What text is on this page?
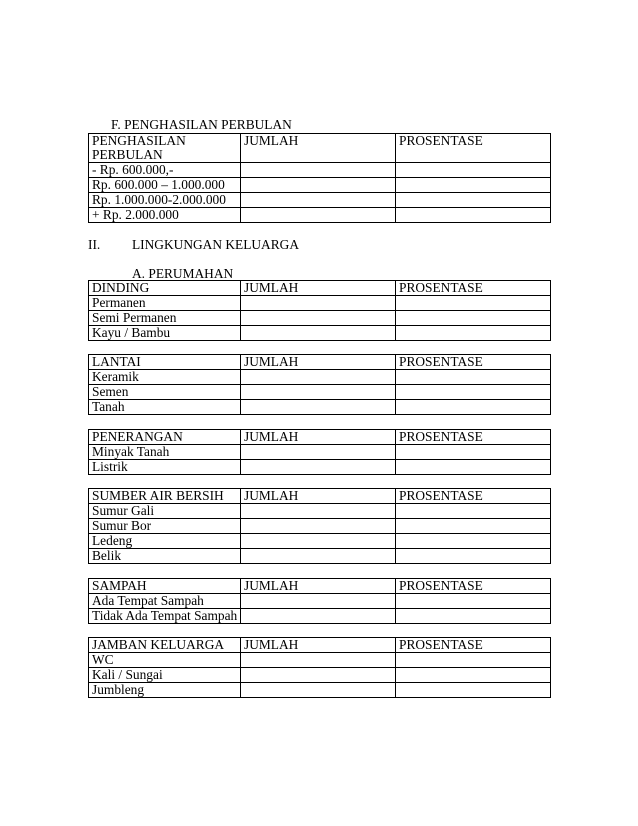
F. PENGHASILAN PERBULAN
PENGHASILAN PERBULAN	JUMLAH	PROSENTASE
- Rp. 600.000,-		
Rp. 600.000 – 1.000.000		
Rp. 1.000.000-2.000.000		
+ Rp. 2.000.000		
II. LINGKUNGAN KELUARGA
A. PERUMAHAN
DINDING	JUMLAH	PROSENTASE
Permanen		
Semi Permanen		
Kayu / Bambu		
LANTAI	JUMLAH	PROSENTASE
Keramik		
Semen		
Tanah		
PENERANGAN	JUMLAH	PROSENTASE
Minyak Tanah		
Listrik		
SUMBER AIR BERSIH	JUMLAH	PROSENTASE
Sumur Gali		
Sumur Bor		
Ledeng		
Belik		
SAMPAH	JUMLAH	PROSENTASE
Ada Tempat Sampah		
Tidak Ada Tempat Sampah		
JAMBAN KELUARGA	JUMLAH	PROSENTASE
WC		
Kali / Sungai		
Jumbleng		
